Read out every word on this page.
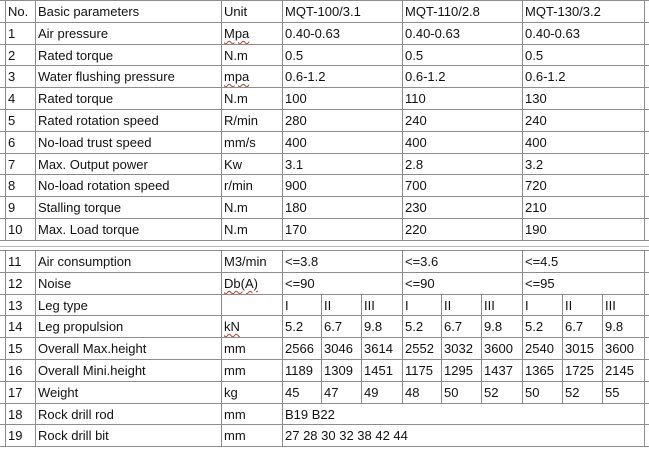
No. Basic parameters	Unit	MQT-100/3.1	MQT-110/2.8	MQT-130/3.2
1	Air pressure	Mpa	0.40-0.63	0.40-0.63	0.40-0.63
2	Rated torque	N.m	0.5	0.5	0.5
3	Water flushing pressure	mpa	0.6-1.2	0.6-1.2	0.6-1.2
4	Rated torque	N.m	100	110	130
5	Rated rotation speed	R/min	280	240	240
6	No-load trust speed	mm/s	400	400	400
7	Max. Output power	Kw	3.1	2.8	3.2
8	No-load rotation speed	r/min	900	700	720
9	Stalling torque	N.m	180	230	210
10	Max. Load torque	N.m	170	220	190
11	Air consumption	M3/min	<=3.8	<=3.6	<=4.5
12	Noise	Db(A)	<=90	<=90	<=95
13	Leg type	I	II	III	I	II	III	I	II	III
14	Leg propulsion	kN	5.2	6.7	9.8	5.2	6.7	9.8	5.2	6.7	9.8
15	Overall Max.height	mm	2566 3046 3614 2552 3032 3600 2540 3015 3600
16	Overall Mini.height	mm	1189 1309 1451 1175 1295 1437 1365 1725 2145
17	Weight	kg	45	47	49	48	50	52	50	52	55
18	Rock drill rod	mm	B19 B22
19	Rock drill bit	mm	27 28 30 32 38 42 44
